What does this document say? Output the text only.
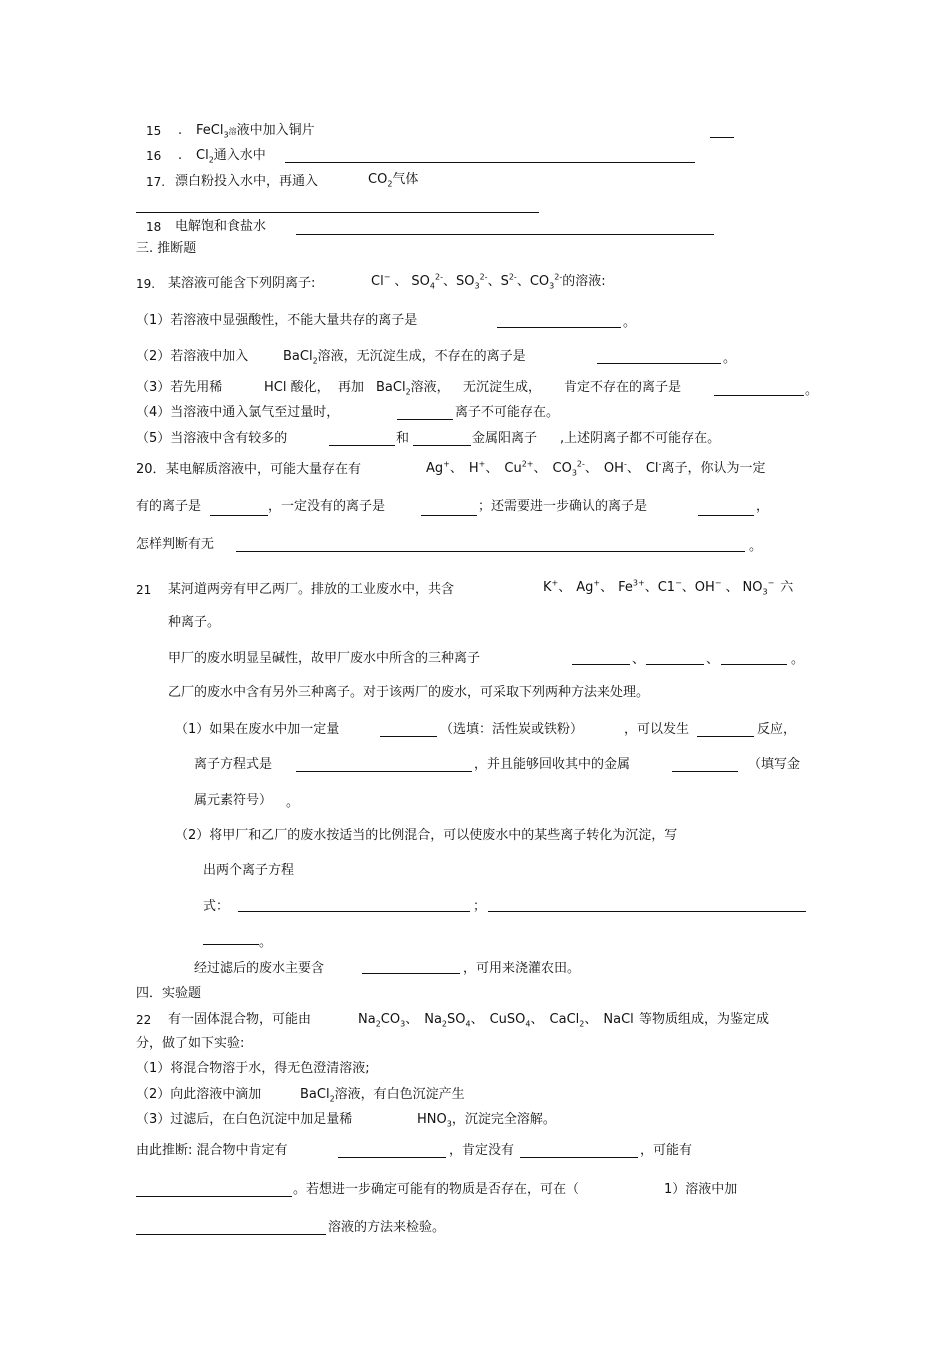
15 . FeCl$_3$溶液中加入铜片
16 . $Cl_2$通入水中
17. 漂白粉投入水中，再通入	$CO_2$气体
18 电解饱和食盐水
三. 推断题
19. 某溶液可能含下列阴离子:	Cl− 、 $SO_4^{2-}$、$SO_3^{2-}$、$S^{2-}$、$CO_3^{2-}$的溶液:
（1）若溶液中显强酸性，不能大量共存的离子是	。
（2）若溶液中加入	BaCl$_2$溶液，无沉淀生成，不存在的离子是	。
（3）若先用稀	HCl 酸化， 再加 BaCl$_2$溶液， 无沉淀生成， 肯定不存在的离子是	。
（4）当溶液中通入氯气至过量时，	离子不可能存在。
（5）当溶液中含有较多的	和	金属阳离子 ,上述阴离子都不可能存在。
20． 某电解质溶液中，可能大量存在有	Ag+、 H+、 $Cu^{2+}$、 $CO_3^{2-}$、 OH-、 Cl-离子，你认为一定
有的离子是	，一定没有的离子是	；还需要进一步确认的离子是	，
怎样判断有无	。
21 某河道两旁有甲乙两厂。排放的工业废水中，共含	K+、 Ag+、 $Fe^{3+}$、C1−、OH− 、 $NO_3^-$ 六
种离子。
甲厂的废水明显呈碱性，故甲厂废水中所含的三种离子	、	、	。
乙厂的废水中含有另外三种离子。对于该两厂的废水，可采取下列两种方法来处理。
（1）如果在废水中加一定量	（选填：活性炭或铁粉）	，可以发生	反应，
离子方程式是	，并且能够回收其中的金属	（填写金
属元素符号） 。
（2）将甲厂和乙厂的废水按适当的比例混合，可以使废水中的某些离子转化为沉淀，写
出两个离子方程
式：	；
。
经过滤后的废水主要含	，可用来浇灌农田。
四．实验题
22 有一固体混合物，可能由	$Na_2CO_3$、 $Na_2SO_4$、 CuSO$_4$、 CaCl$_2$、 NaCl 等物质组成，为鉴定成
分，做了如下实验:
（1）将混合物溶于水，得无色澄清溶液;
（2）向此溶液中滴加	BaCl$_2$溶液，有白色沉淀产生
（3）过滤后，在白色沉淀中加足量稀	$HNO_3$，沉淀完全溶解。
由此推断: 混合物中肯定有	，肯定没有	，可能有
。若想进一步确定可能有的物质是否存在，可在（	1）溶液中加
溶液的方法来检验。
